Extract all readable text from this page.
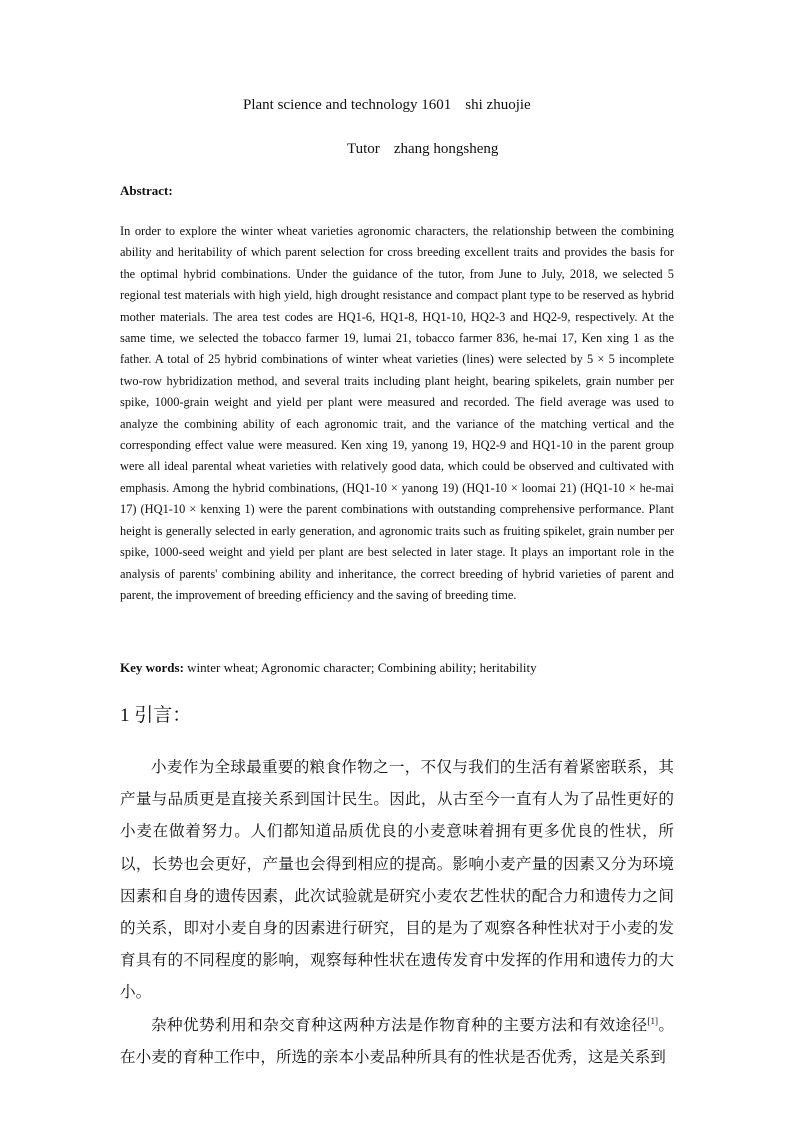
Plant science and technology 1601 shi zhuojie
Tutor zhang hongsheng
Abstract:
In order to explore the winter wheat varieties agronomic characters, the relationship between the combining ability and heritability of which parent selection for cross breeding excellent traits and provides the basis for the optimal hybrid combinations. Under the guidance of the tutor, from June to July, 2018, we selected 5 regional test materials with high yield, high drought resistance and compact plant type to be reserved as hybrid mother materials. The area test codes are HQ1-6, HQ1-8, HQ1-10, HQ2-3 and HQ2-9, respectively. At the same time, we selected the tobacco farmer 19, lumai 21, tobacco farmer 836, he-mai 17, Ken xing 1 as the father. A total of 25 hybrid combinations of winter wheat varieties (lines) were selected by 5 × 5 incomplete two-row hybridization method, and several traits including plant height, bearing spikelets, grain number per spike, 1000-grain weight and yield per plant were measured and recorded. The field average was used to analyze the combining ability of each agronomic trait, and the variance of the matching vertical and the corresponding effect value were measured. Ken xing 19, yanong 19, HQ2-9 and HQ1-10 in the parent group were all ideal parental wheat varieties with relatively good data, which could be observed and cultivated with emphasis. Among the hybrid combinations, (HQ1-10 × yanong 19) (HQ1-10 × loomai 21) (HQ1-10 × he-mai 17) (HQ1-10 × kenxing 1) were the parent combinations with outstanding comprehensive performance. Plant height is generally selected in early generation, and agronomic traits such as fruiting spikelet, grain number per spike, 1000-seed weight and yield per plant are best selected in later stage. It plays an important role in the analysis of parents' combining ability and inheritance, the correct breeding of hybrid varieties of parent and parent, the improvement of breeding efficiency and the saving of breeding time.
Key words: winter wheat; Agronomic character; Combining ability; heritability
1 引言：

小麦作为全球最重要的粮食作物之一，不仅与我们的生活有着紧密联系，其产量与品质更是直接关系到国计民生。因此，从古至今一直有人为了品性更好的小麦在做着努力。人们都知道品质优良的小麦意味着拥有更多优良的性状，所以，长势也会更好，产量也会得到相应的提高。影响小麦产量的因素又分为环境因素和自身的遗传因素，此次试验就是研究小麦农艺性状的配合力和遗传力之间的关系，即对小麦自身的因素进行研究，目的是为了观察各种性状对于小麦的发育具有的不同程度的影响，观察每种性状在遗传发育中发挥的作用和遗传力的大小。

杂种优势利用和杂交育种这两种方法是作物育种的主要方法和有效途径[1]。在小麦的育种工作中，所选的亲本小麦品种所具有的性状是否优秀，这是关系到
